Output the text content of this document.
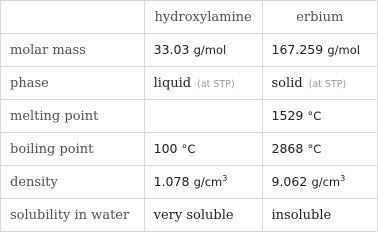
	hydroxylamine	erbium
molar mass	33.03 g/mol	167.259 g/mol
phase	liquid (at STP)	solid (at STP)
melting point		1529 °C
boiling point	100 °C	2868 °C
density	1.078 $g/cm^3$	9.062 $g/cm^3$
solubility in water	very soluble	insoluble
